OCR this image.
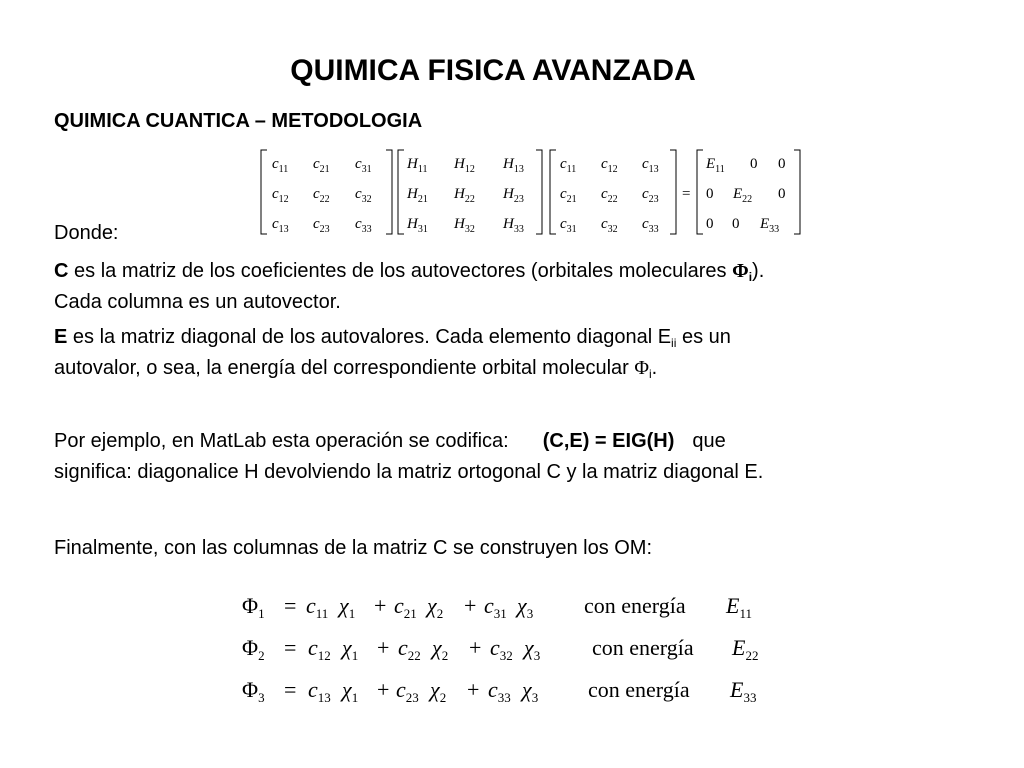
QUIMICA FISICA AVANZADA
QUIMICA CUANTICA – METODOLOGIA
$c_{11}$ $c_{21}$ $c_{31}$
$c_{12}$ $c_{22}$ $c_{32}$
$c_{13}$ $c_{23}$ $c_{33}$
$H_{11}$ $H_{12}$ $H_{13}$
$H_{21}$ $H_{22}$ $H_{23}$
$H_{31}$ $H_{32}$ $H_{33}$
$c_{11}$ $c_{12}$ $c_{13}$
$c_{21}$ $c_{22}$ $c_{23}$
$c_{31}$ $c_{32}$ $c_{33}$
=
$E_{11}$ 0 0
0 $E_{22}$ 0
0 0 $E_{33}$
Donde:
C es la matriz de los coeficientes de los autovectores (orbitales moleculares $\Phi_i$).
Cada columna es un autovector.
E es la matriz diagonal de los autovalores. Cada elemento diagonal $E_{ii}$ es un
autovalor, o sea, la energía del correspondiente orbital molecular $\Phi_i$.
Por ejemplo, en MatLab esta operación se codifica: (C,E) = EIG(H) que
significa: diagonalice H devolviendo la matriz ortogonal C y la matriz diagonal E.
Finalmente, con las columnas de la matriz C se construyen los OM:
$\Phi_1 = c_{11}$ $\chi_1 + c_{21}$ $\chi_2 + c_{31}$ $\chi_3$ con energía $E_{11}$
$\Phi_2 = c_{12}$ $\chi_1 + c_{22}$ $\chi_2 + c_{32}$ $\chi_3$ con energía $E_{22}$
$\Phi_3 = c_{13}$ $\chi_1 + c_{23}$ $\chi_2 + c_{33}$ $\chi_3$ con energía $E_{33}$
